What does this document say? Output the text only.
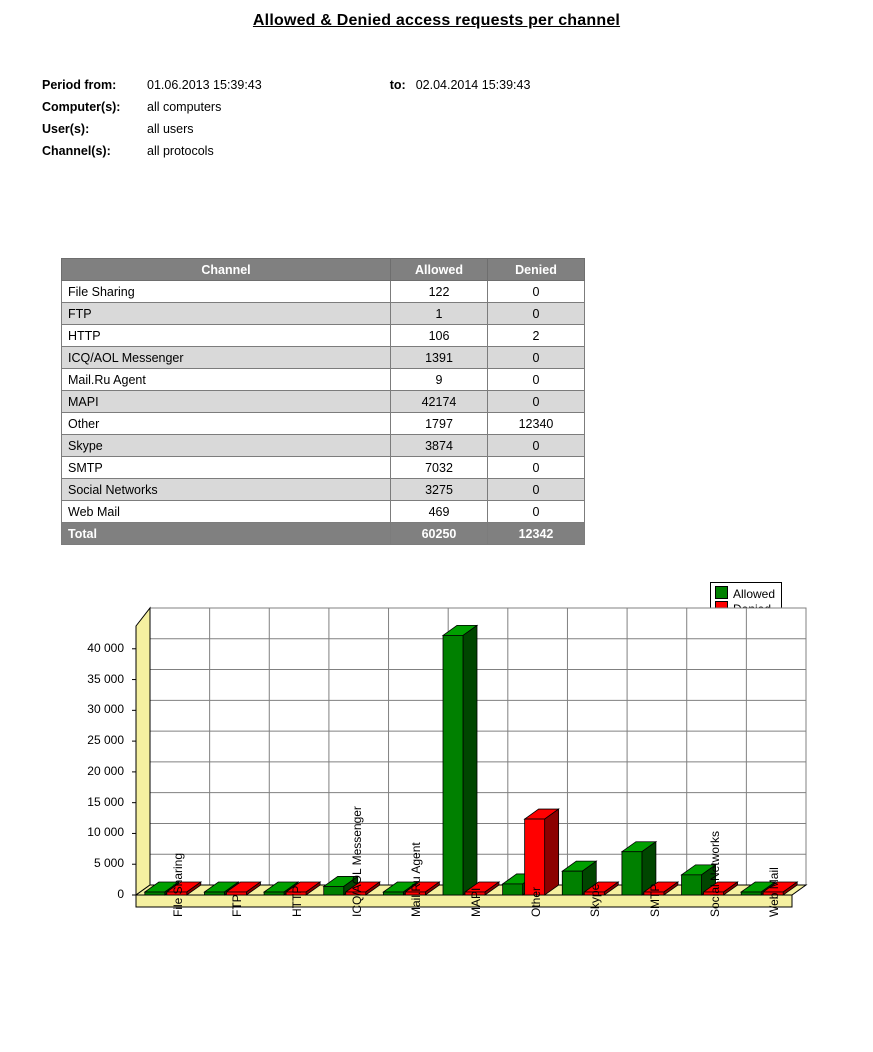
Allowed & Denied access requests per channel
Period from: 01.06.2013 15:39:43	to: 02.04.2014 15:39:43
Computer(s): all computers
User(s):	all users
Channel(s):	all protocols
Channel	Allowed	Denied
File Sharing	122	0
FTP	1	0
HTTP	106	2
ICQ/AOL Messenger	1391	0
Mail.Ru Agent	9	0
MAPI	42174	0
Other	1797	12340
Skype	3874	0
SMTP	7032	0
Social Networks	3275	0
Web Mail	469	0
Total	60250	12342
Allowed
0
5 000
10 000
15 000
20 000
25 000
30 000
35 000
40 000
File Sharing	FTP	HTTP	ICQ/AOL Messenger	Mail.Ru Agent	MAPI	Other	Skype	SMTP	Social Networks	Web Mail
